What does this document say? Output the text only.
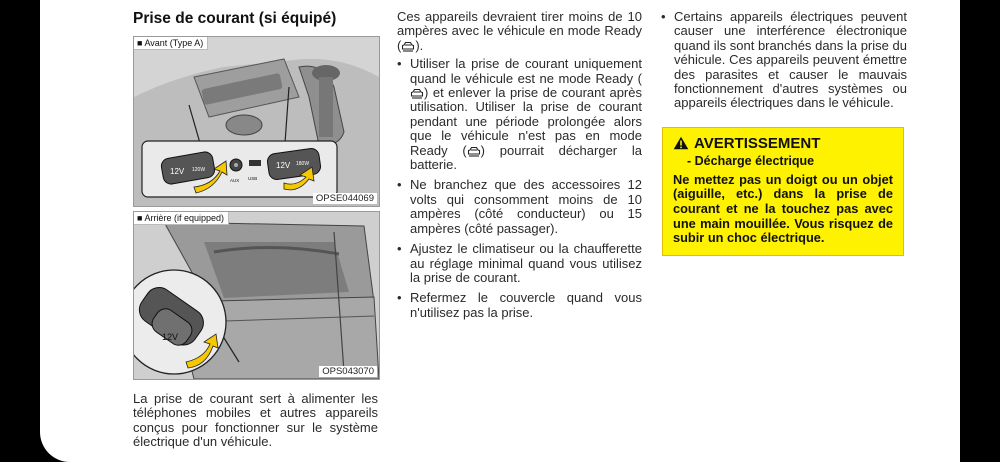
Prise de courant (si équipé)
■ Avant (Type A)
12V 120W
AUX USB
12V 180W
OPSE044069
■ Arrière (if equipped)
12V
OPS043070

La prise de courant sert à alimenter les téléphones mobiles et autres appareils conçus pour fonctionner sur le système électrique d'un véhicule.

Ces appareils devraient tirer moins de 10 ampères avec le véhicule en mode Ready ( ).

• Utiliser la prise de courant uniquement quand le véhicule est ne mode Ready (
) et enlever la prise de courant après utilisation. Utiliser la prise de courant pendant une période prolongée alors que le véhicule n'est pas en mode Ready ( ) pourrait décharger la batterie.
• Ne branchez que des accessoires 12 volts qui consomment moins de 10 ampères (côté conducteur) ou 15 ampères (côté passager).
• Ajustez le climatiseur ou la chaufferette au réglage minimal quand vous utilisez la prise de courant.
• Refermez le couvercle quand vous n'utilisez pas la prise.
• Certains appareils électriques peuvent causer une interférence électronique quand ils sont branchés dans la prise du véhicule. Ces appareils peuvent émettre des parasites et causer le mauvais fonctionnement d'autres systèmes ou appareils électriques dans le véhicule.
AVERTISSEMENT
- Décharge électrique
Ne mettez pas un doigt ou un objet (aiguille, etc.) dans la prise de courant et ne la touchez pas avec une main mouillée. Vous risquez de subir un choc électrique.
